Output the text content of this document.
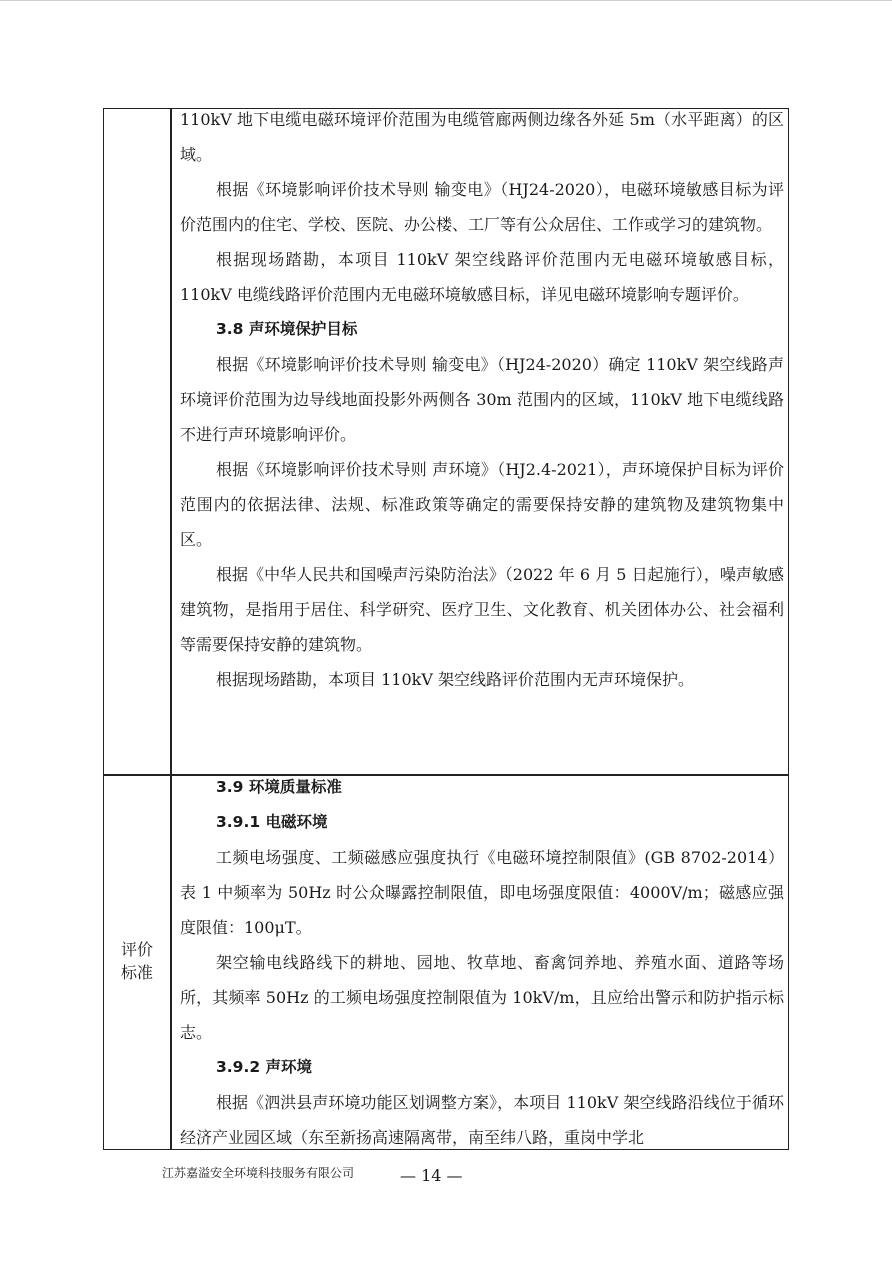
评价
标准

110kV 地下电缆电磁环境评价范围为电缆管廊两侧边缘各外延 5m（水平距离）的区域。

根据《环境影响评价技术导则 输变电》（HJ24-2020），电磁环境敏感目标为评价范围内的住宅、学校、医院、办公楼、工厂等有公众居住、工作或学习的建筑物。

根据现场踏勘，本项目 110kV 架空线路评价范围内无电磁环境敏感目标，110kV 电缆线路评价范围内无电磁环境敏感目标，详见电磁环境影响专题评价。

3.8 声环境保护目标

根据《环境影响评价技术导则 输变电》（HJ24-2020）确定 110kV 架空线路声环境评价范围为边导线地面投影外两侧各 30m 范围内的区域，110kV 地下电缆线路不进行声环境影响评价。

根据《环境影响评价技术导则 声环境》（HJ2.4-2021），声环境保护目标为评价范围内的依据法律、法规、标准政策等确定的需要保持安静的建筑物及建筑物集中区。

根据《中华人民共和国噪声污染防治法》（2022 年 6 月 5 日起施行），噪声敏感建筑物，是指用于居住、科学研究、医疗卫生、文化教育、机关团体办公、社会福利等需要保持安静的建筑物。

根据现场踏勘，本项目 110kV 架空线路评价范围内无声环境保护。

3.9 环境质量标准

3.9.1 电磁环境

工频电场强度、工频磁感应强度执行《电磁环境控制限值》(GB 8702-2014）表 1 中频率为 50Hz 时公众曝露控制限值，即电场强度限值：4000V/m；磁感应强度限值：100μT。

架空输电线路线下的耕地、园地、牧草地、畜禽饲养地、养殖水面、道路等场所，其频率 50Hz 的工频电场强度控制限值为 10kV/m，且应给出警示和防护指示标志。

3.9.2 声环境

根据《泗洪县声环境功能区划调整方案》，本项目 110kV 架空线路沿线位于循环经济产业园区域（东至新扬高速隔离带，南至纬八路，重岗中学北

江苏嘉溢安全环境科技服务有限公司	— 14 —
